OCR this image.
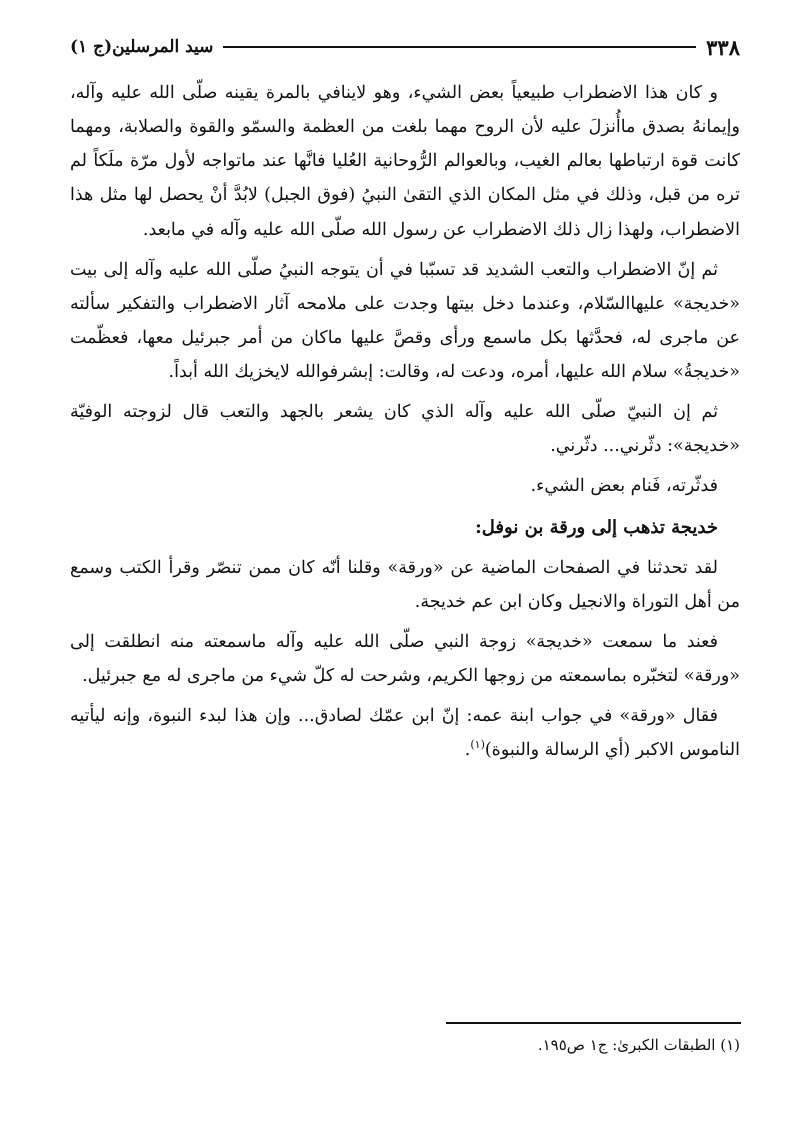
٣٣٨
سيد المرسلين(ج ١)

و كان هذا الاضطراب طبيعياً بعض الشيء، وهو لاينافي بالمرة يقينه صلّى الله عليه وآله، وإيمانهُ بصدق ماأُنزلَ عليه لأن الروح مهما بلغت من العظمة والسمّو والقوة والصلابة، ومهما كانت قوة ارتباطها بعالم الغيب، وبالعوالم الرُّوحانية العُليا فانَّها عند ماتواجه لأول مرّة ملَكاً لم تره من قبل، وذلك في مثل المكان الذي التقىٰ النبيُ (فوق الجبل) لابُدَّ أنْ يحصل لها مثل هذا الاضطراب، ولهذا زال ذلك الاضطراب عن رسول الله صلّى الله عليه وآله في مابعد.

ثم إنّ الاضطراب والتعب الشديد قد تسبّبا في أن يتوجه النبيُ صلّى الله عليه وآله إلى بيت «خديجة» عليهاالسّلام، وعندما دخل بيتها وجدت على ملامحه آثار الاضطراب والتفكير سألته عن ماجرى له، فحدَّثها بكل ماسمع ورأى وقصَّ عليها ماكان من أمر جبرئيل معها، فعظّمت «خديجةُ» سلام الله عليها، أمره، ودعت له، وقالت: إبشرفوالله لايخزيك الله أبداً.

ثم إن النبيّ صلّى الله عليه وآله الذي كان يشعر بالجهد والتعب قال لزوجته الوفيّة «خديجة»: دثّرني... دثّرني.

فدثّرته، فَنام بعض الشيء.

خديجة تذهب إلى ورقة بن نوفل:

لقد تحدثنا في الصفحات الماضية عن «ورقة» وقلنا أنّه كان ممن تنصّر وقرأ الكتب وسمع من أهل التوراة والانجيل وكان ابن عم خديجة.

فعند ما سمعت «خديجة» زوجة النبي صلّى الله عليه وآله ماسمعته منه انطلقت إلى «ورقة» لتخبّره بماسمعته من زوجها الكريم، وشرحت له كلّ شيء من ماجرى له مع جبرئيل.

فقال «ورقة» في جواب ابنة عمه: إنّ ابن عمّك لصادق... وإن هذا لبدء النبوة، وإنه ليأتيه الناموس الاكبر (أي الرسالة والنبوة)$^{(١)}$.

(١) الطبقات الكبرىٰ: ج١ ص١٩٥.
